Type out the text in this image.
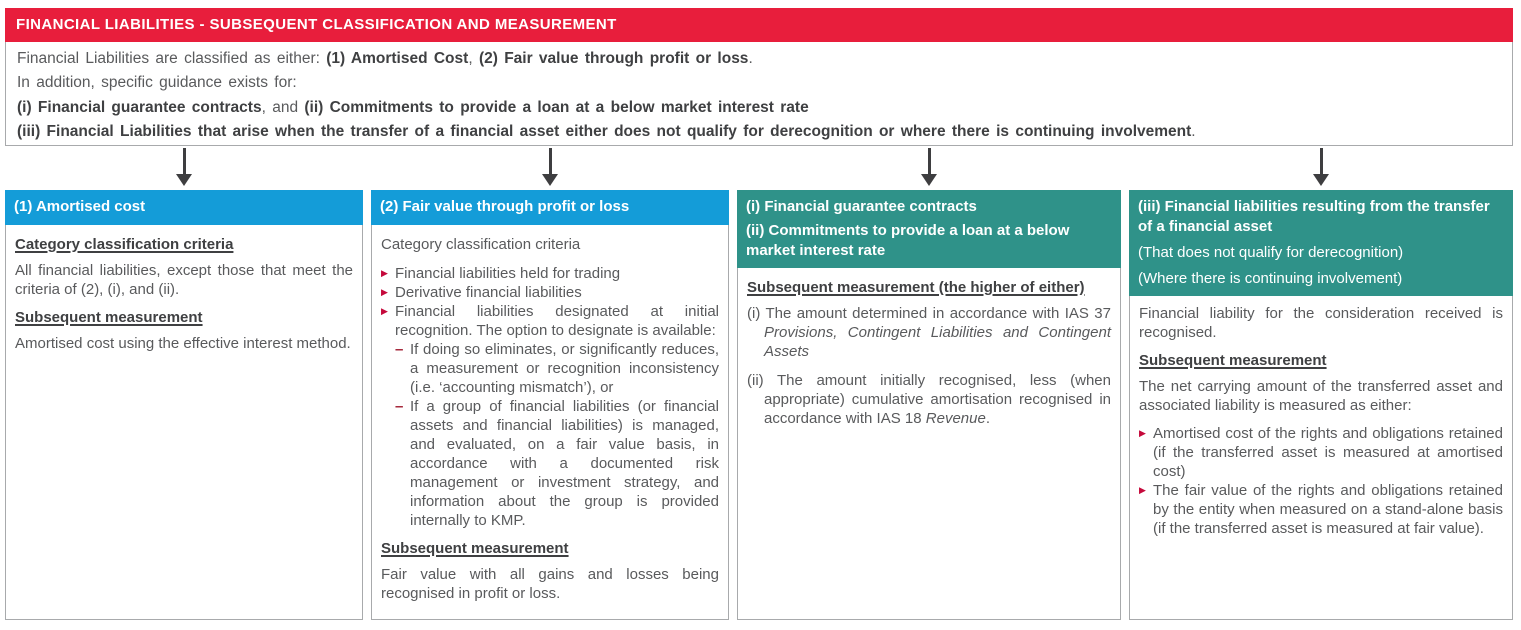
FINANCIAL LIABILITIES - SUBSEQUENT CLASSIFICATION AND MEASUREMENT

Financial Liabilities are classified as either: (1) Amortised Cost, (2) Fair value through profit or loss.

In addition, specific guidance exists for:

(i) Financial guarantee contracts, and (ii) Commitments to provide a loan at a below market interest rate

(iii) Financial Liabilities that arise when the transfer of a financial asset either does not qualify for derecognition or where there is continuing involvement.

(1) Amortised cost
Category classification criteria

All financial liabilities, except those that meet the criteria of (2), (i), and (ii).

Subsequent measurement

Amortised cost using the effective interest method.

(2) Fair value through profit or loss
Category classification criteria
▶ Financial liabilities held for trading
▶ Derivative financial liabilities
▶ Financial liabilities designated at initial recognition. The option to designate is available:
– If doing so eliminates, or significantly reduces, a measurement or recognition inconsistency (i.e. ‘accounting mismatch’), or
– If a group of financial liabilities (or financial assets and financial liabilities) is managed, and evaluated, on a fair value basis, in accordance with a documented risk management or investment strategy, and information about the group is provided internally to KMP.
Subsequent measurement

Fair value with all gains and losses being recognised in profit or loss.

(i) Financial guarantee contracts
(ii) Commitments to provide a loan at a below market interest rate
Subsequent measurement (the higher of either)
(i) The amount determined in accordance with IAS 37 Provisions, Contingent Liabilities and Contingent Assets
(ii) The amount initially recognised, less (when appropriate) cumulative amortisation recognised in accordance with IAS 18 Revenue.
(iii) Financial liabilities resulting from the transfer of a financial asset
(That does not qualify for derecognition)
(Where there is continuing involvement)

Financial liability for the consideration received is recognised.

Subsequent measurement

The net carrying amount of the transferred asset and associated liability is measured as either:

▶ Amortised cost of the rights and obligations retained (if the transferred asset is measured at amortised cost)
▶ The fair value of the rights and obligations retained by the entity when measured on a stand-alone basis (if the transferred asset is measured at fair value).
